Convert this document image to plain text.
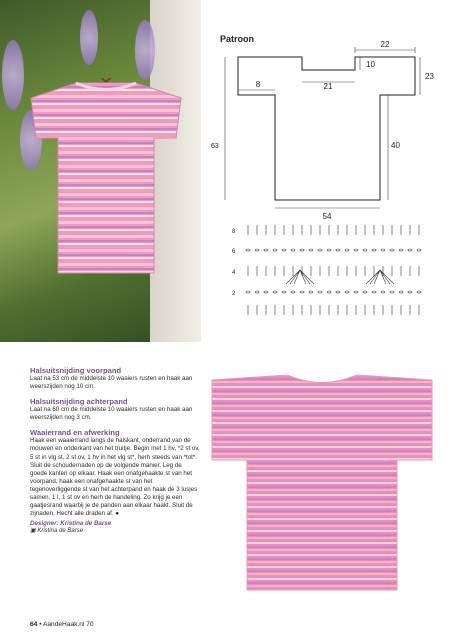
Patroon
22
10
23
21
8
63	40
54
8
6
4
2
Halsuitsnijding voorpand

Laat na 53 cm de middelste 10 waaiers rusten en haak aan weerszijden nog 10 cm.

Halsuitsnijding achterpand

Laat na 60 cm de middelste 10 waaiers rusten en haak aan weerszijden nog 3 cm.

Waaierrand en afwerking

Haak een waaierrand langs de halskant, onderrand van de mouwen en onderkant van het truitje. Begin met 1 hv, *2 st ov, 5 st in vlg st, 2 st ov, 1 hv in het vlg st*, herh steeds van *tot*. Sluit de schoudernaden op de volgende manier. Leg de goede kanten op elkaar. Haak een onafgehaakte st van het voorpand, haak een onafgehaakte st van het tegenoverliggende st van het achterpand en haak de 3 lusjes samen, 1 l, 1 st ov en herh de handeling. Zo krijg je een gaatjesrand waarbij je de panden aan elkaar haakt. Sluit de zijnaden. Hecht alle draden af. ●

Designer: Kristina de Barse
▣ Kristina de Barse
64 • AandeHaak.nl 70
